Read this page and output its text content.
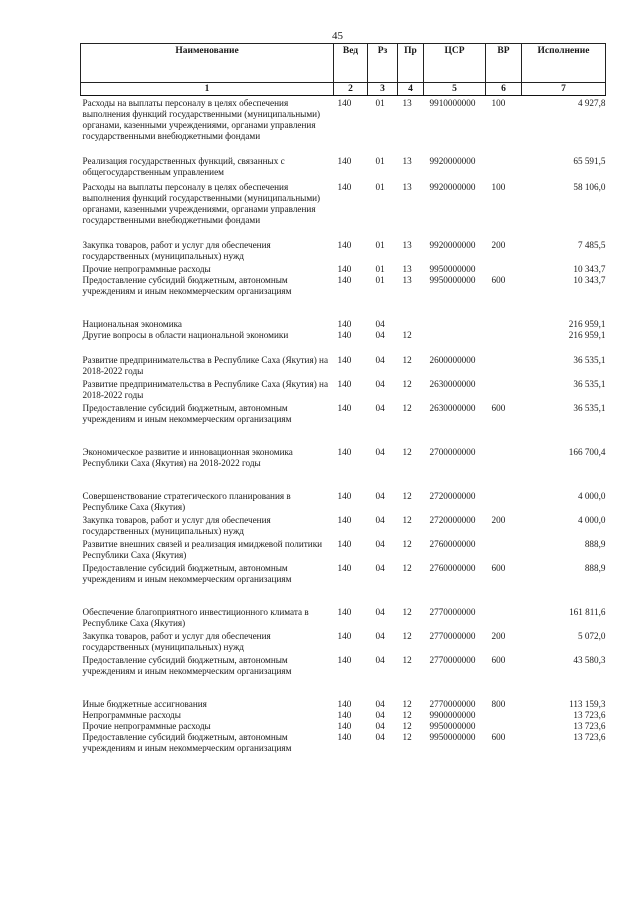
45
Наименование	Вед	Рз	Пр	ЦСР	ВР	Исполнение
1	2	3	4	5	6	7
Расходы на выплаты персоналу в целях обеспечения выполнения функций государственными (муниципальными) органами, казенными учреждениями, органами управления государственными внебюджетными фондами	140	01	13	9910000000	100	4 927,8
Реализация государственных функций, связанных с общегосударственным управлением	140	01	13	9920000000		65 591,5
Расходы на выплаты персоналу в целях обеспечения выполнения функций государственными (муниципальными) органами, казенными учреждениями, органами управления государственными внебюджетными фондами	140	01	13	9920000000	100	58 106,0
Закупка товаров, работ и услуг для обеспечения государственных (муниципальных) нужд	140	01	13	9920000000	200	7 485,5
Прочие непрограммные расходы	140	01	13	9950000000		10 343,7
Предоставление субсидий бюджетным, автономным учреждениям и иным некоммерческим организациям	140	01	13	9950000000	600	10 343,7
Национальная экономика	140	04				216 959,1
Другие вопросы в области национальной экономики	140	04	12			216 959,1
Развитие предпринимательства в Республике Саха (Якутия) на 2018-2022 годы	140	04	12	2600000000		36 535,1
Развитие предпринимательства в Республике Саха (Якутия) на 2018-2022 годы	140	04	12	2630000000		36 535,1
Предоставление субсидий бюджетным, автономным учреждениям и иным некоммерческим организациям	140	04	12	2630000000	600	36 535,1
Экономическое развитие и инновационная экономика Республики Саха (Якутия) на 2018-2022 годы	140	04	12	2700000000		166 700,4
Совершенствование стратегического планирования в Республике Саха (Якутия)	140	04	12	2720000000		4 000,0
Закупка товаров, работ и услуг для обеспечения государственных (муниципальных) нужд	140	04	12	2720000000	200	4 000,0
Развитие внешних связей и реализация имиджевой политики Республики Саха (Якутия)	140	04	12	2760000000		888,9
Предоставление субсидий бюджетным, автономным учреждениям и иным некоммерческим организациям	140	04	12	2760000000	600	888,9
Обеспечение благоприятного инвестиционного климата в Республике Саха (Якутия)	140	04	12	2770000000		161 811,6
Закупка товаров, работ и услуг для обеспечения государственных (муниципальных) нужд	140	04	12	2770000000	200	5 072,0
Предоставление субсидий бюджетным, автономным учреждениям и иным некоммерческим организациям	140	04	12	2770000000	600	43 580,3
Иные бюджетные ассигнования	140	04	12	2770000000	800	113 159,3
Непрограммные расходы	140	04	12	9900000000		13 723,6
Прочие непрограммные расходы	140	04	12	9950000000		13 723,6
Предоставление субсидий бюджетным, автономным учреждениям и иным некоммерческим организациям	140	04	12	9950000000	600	13 723,6
